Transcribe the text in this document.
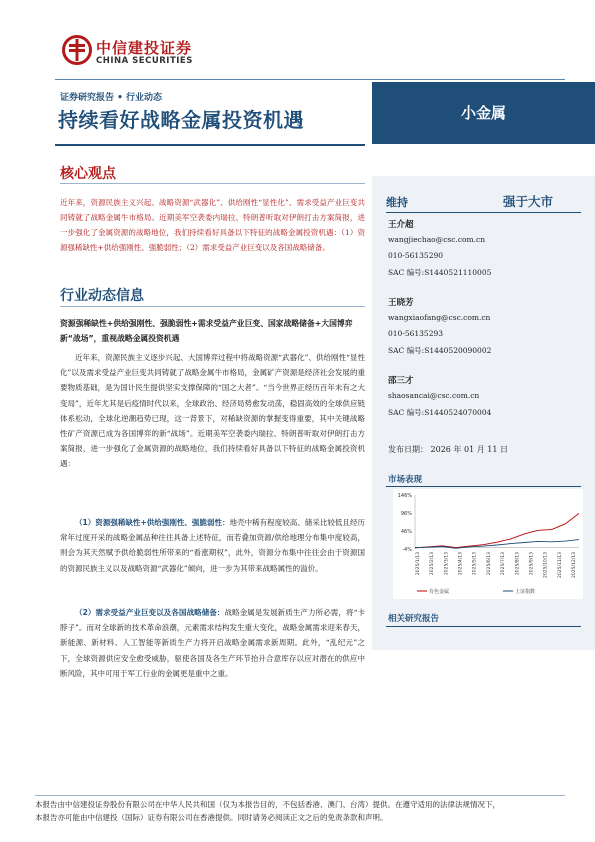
中信建投证券
CHINA SECURITIES
证券研究报告 • 行业动态
持续看好战略金属投资机遇	小金属
核心观点
近年来，资源民族主义兴起、战略资源“武器化”、供给刚性“显性化”、需求受益产业巨变共同铸就了战略金属牛市格局。近期美军空袭委内瑞拉、特朗普听取对伊朗打击方案简报，进一步强化了金属资源的战略地位，我们持续看好具备以下特征的战略金属投资机遇：（1）资源强稀缺性+供给强刚性、强脆弱性；（2）需求受益产业巨变以及各国战略储备。
行业动态信息
资源强稀缺性+供给强刚性、强脆弱性+需求受益产业巨变、国家战略储备+大国博弈新“战场”，重视战略金属投资机遇
近年来，资源民族主义逐步兴起、大国博弈过程中将战略资源“武器化”、供给刚性“显性化”以及需求受益产业巨变共同铸就了战略金属牛市格局，金属矿产资源是经济社会发展的重要物质基础，是为国计民生提供坚实支撑保障的“国之大者”。“当今世界正经历百年未有之大变局”，近年尤其是后疫情时代以来，全球政治、经济局势愈发动荡，稳固高效的全球供应链体系松动，全球化逆潮趋势已现，这一背景下，对稀缺资源的掌握变得重要，其中关键战略性矿产资源已成为各国博弈的新“战场”。近期美军空袭委内瑞拉、特朗普听取对伊朗打击方案简报，进一步强化了金属资源的战略地位，我们持续看好具备以下特征的战略金属投资机遇：
（1）资源强稀缺性+供给强刚性、强脆弱性：地壳中稀有程度较高、储采比较低且经历常年过度开采的战略金属品种往往具备上述特征，而若叠加资源/供给地理分布集中度较高，则会为其天然赋予供给脆弱性所带来的“看涨期权”，此外，资源分布集中往往会由于资源国的资源民族主义以及战略资源“武器化”倾向，进一步为其带来战略属性的溢价。
（2）需求受益产业巨变以及各国战略储备：战略金属是发展新质生产力所必需，将“卡脖子”。而对全球新的技术革命浪潮，元素需求结构发生重大变化，战略金属需求迎来春天，新能源、新材料、人工智能等新质生产力将开启战略金属需求新周期。此外，“乱纪元”之下，全球资源供应安全愈受威胁，驱使各国及各生产环节抬升合意库存以应对潜在的供应中断风险，其中可用于军工行业的金属更是重中之重。
维持	强于大市
王介超
wangjiechao@csc.com.cn
010-56135290
SAC 编号:S1440521110005
王晓芳
wangxiaofang@csc.com.cn
010-56135293
SAC 编号:S1440520090002
邵三才
shaosancai@csc.com.cn
SAC 编号:S1440524070004
发布日期： 2026 年 01 月 11 日
市场表现
146%
96%
46%
-4%
2025/1/13 2025/2/13 2025/3/13 2025/4/13 2025/5/13 2025/6/13 2025/7/13 2025/8/13 2025/9/13 2025/10/13 2025/11/13 2025/12/13
有色金属	上证指数
相关研究报告
本报告由中信建投证券股份有限公司在中华人民共和国（仅为本报告目的，不包括香港、澳门、台湾）提供。在遵守适用的法律法规情况下，
本报告亦可能由中信建投（国际）证券有限公司在香港提供。同时请务必阅读正文之后的免责条款和声明。
